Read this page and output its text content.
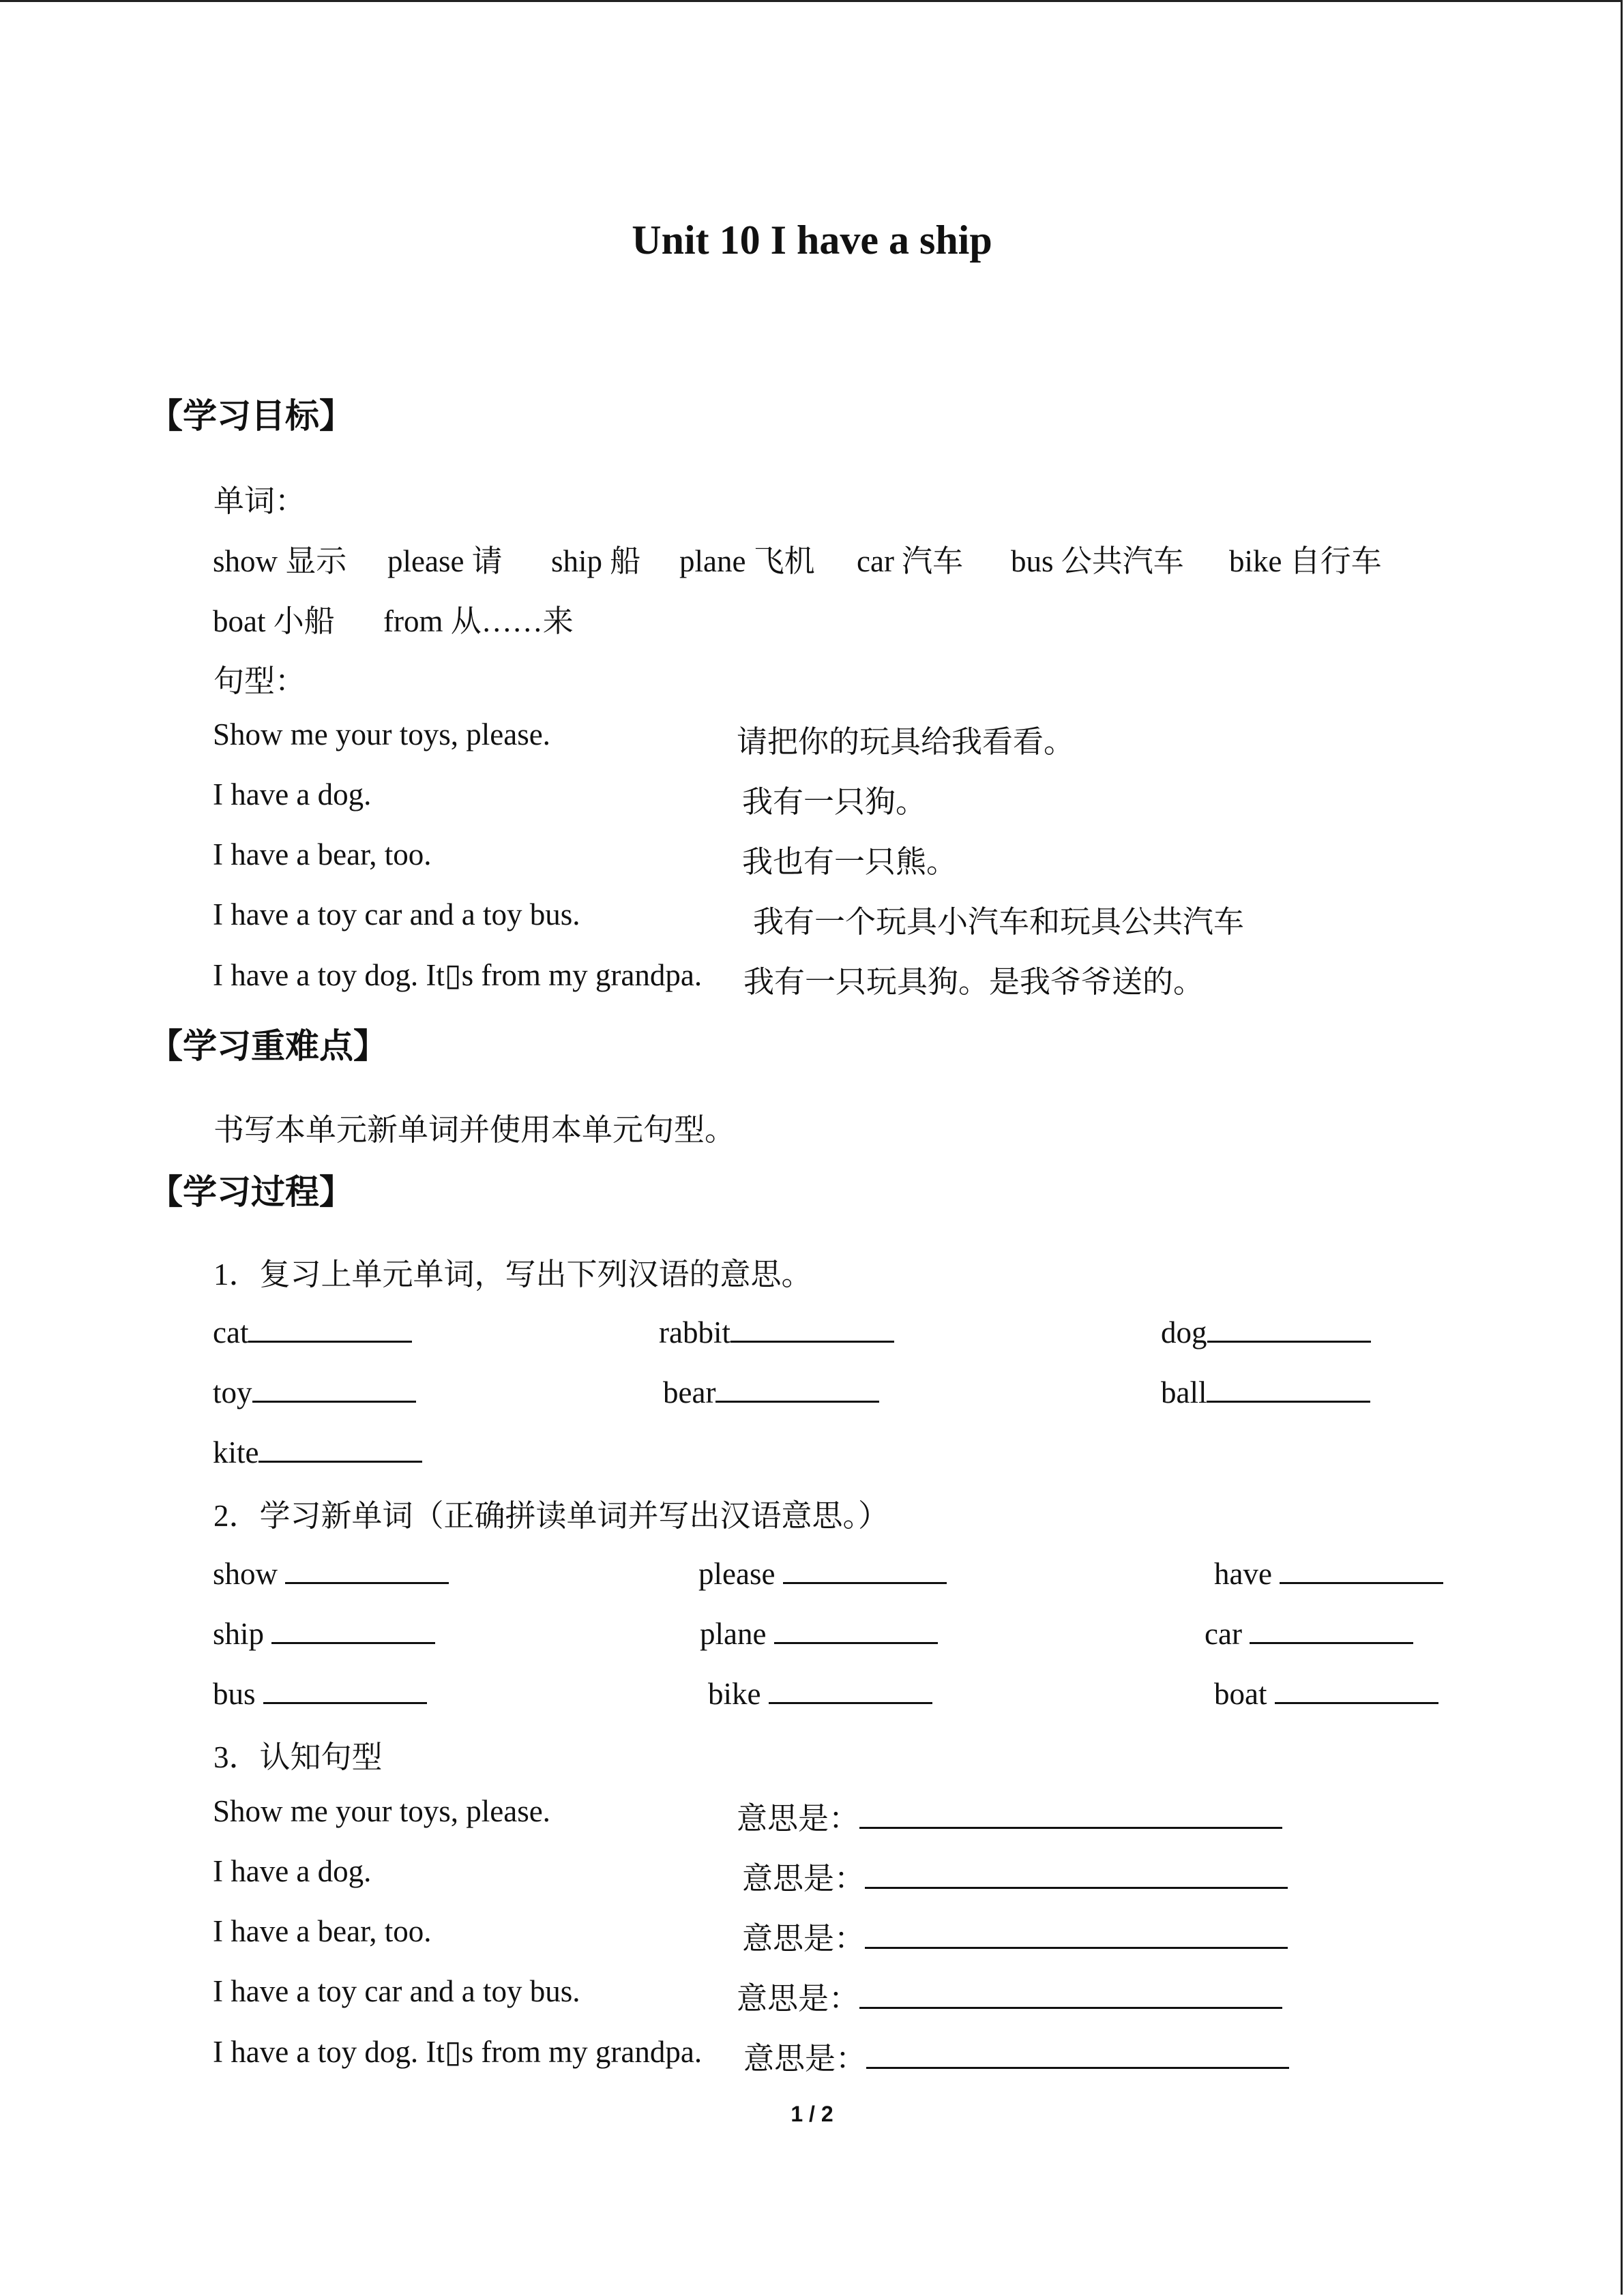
Unit 10 I have a ship
【学习目标】
单词：
show 显示 please 请 ship 船 plane 飞机 car 汽车 bus 公共汽车 bike 自行车
boat 小船 from 从……来
句型：
Show me your toys, please.	请把你的玩具给我看看。
I have a dog.	我有一只狗。
I have a bear, too.	我也有一只熊。
I have a toy car and a toy bus.	我有一个玩具小汽车和玩具公共汽车
I have a toy dog. It▯s from my grandpa. 我有一只玩具狗。是我爷爷送的。
【学习重难点】
书写本单元新单词并使用本单元句型。
【学习过程】
1．复习上单元单词，写出下列汉语的意思。
cat	rabbit	dog
toy	bear	ball
kite
2．学习新单词（正确拼读单词并写出汉语意思。）
show	please	have
ship	plane	car
bus	bike	boat
3．认知句型
Show me your toys, please.	意思是：
I have a dog.	意思是：
I have a bear, too.	意思是：
I have a toy car and a toy bus.	意思是：
I have a toy dog. It▯s from my grandpa. 意思是：
1 / 2
